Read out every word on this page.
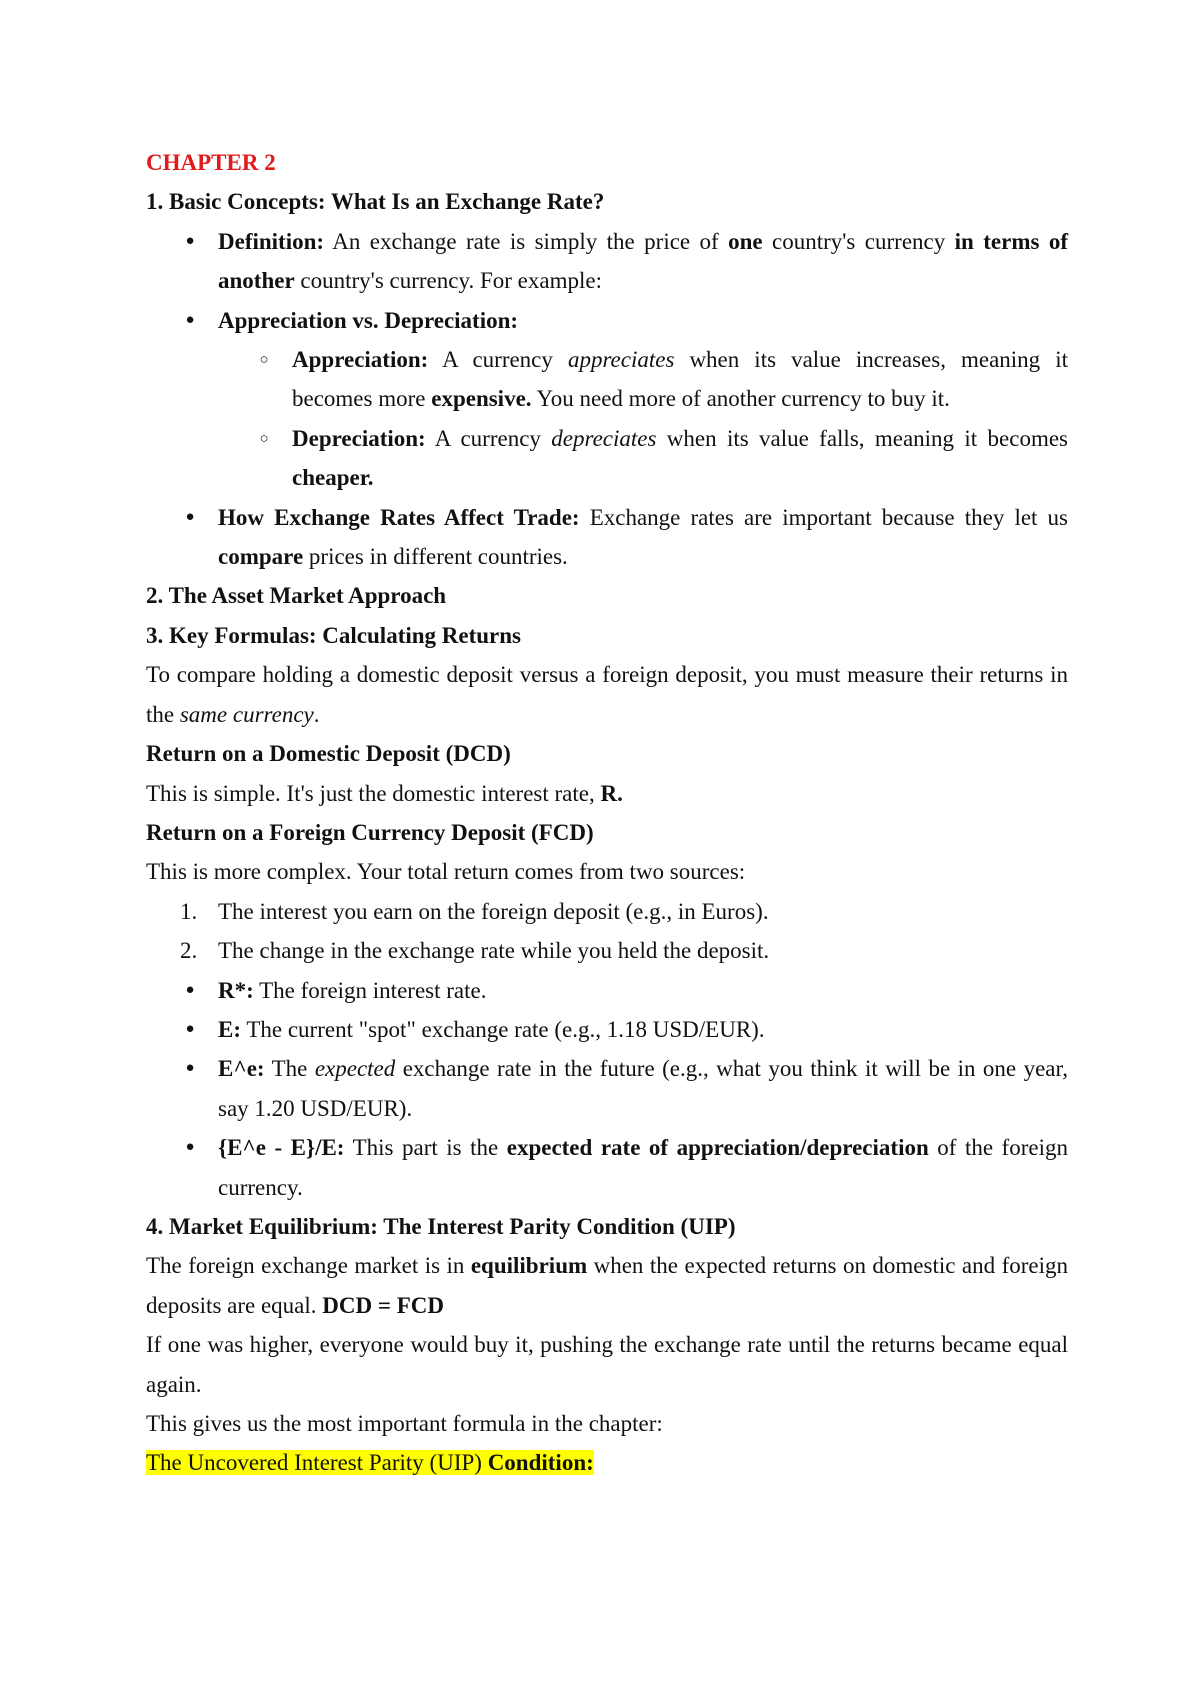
CHAPTER 2

1. Basic Concepts: What Is an Exchange Rate?

● Definition: An exchange rate is simply the price of one country's currency in terms of another country's currency. For example:
● Appreciation vs. Depreciation:
○ Appreciation: A currency appreciates when its value increases, meaning it becomes more expensive. You need more of another currency to buy it.
○ Depreciation: A currency depreciates when its value falls, meaning it becomes cheaper.
● How Exchange Rates Affect Trade: Exchange rates are important because they let us compare prices in different countries.

2. The Asset Market Approach

3. Key Formulas: Calculating Returns

To compare holding a domestic deposit versus a foreign deposit, you must measure their returns in the same currency.

Return on a Domestic Deposit (DCD)

This is simple. It's just the domestic interest rate, R.

Return on a Foreign Currency Deposit (FCD)

This is more complex. Your total return comes from two sources:

1. The interest you earn on the foreign deposit (e.g., in Euros).
2. The change in the exchange rate while you held the deposit.
● R*: The foreign interest rate.
● E: The current "spot" exchange rate (e.g., 1.18 USD/EUR).
● E^e: The expected exchange rate in the future (e.g., what you think it will be in one year, say 1.20 USD/EUR).
● {E^e - E}/E: This part is the expected rate of appreciation/depreciation of the foreign currency.

4. Market Equilibrium: The Interest Parity Condition (UIP)

The foreign exchange market is in equilibrium when the expected returns on domestic and foreign deposits are equal. DCD = FCD

If one was higher, everyone would buy it, pushing the exchange rate until the returns became equal again.

This gives us the most important formula in the chapter:

The Uncovered Interest Parity (UIP) Condition:
